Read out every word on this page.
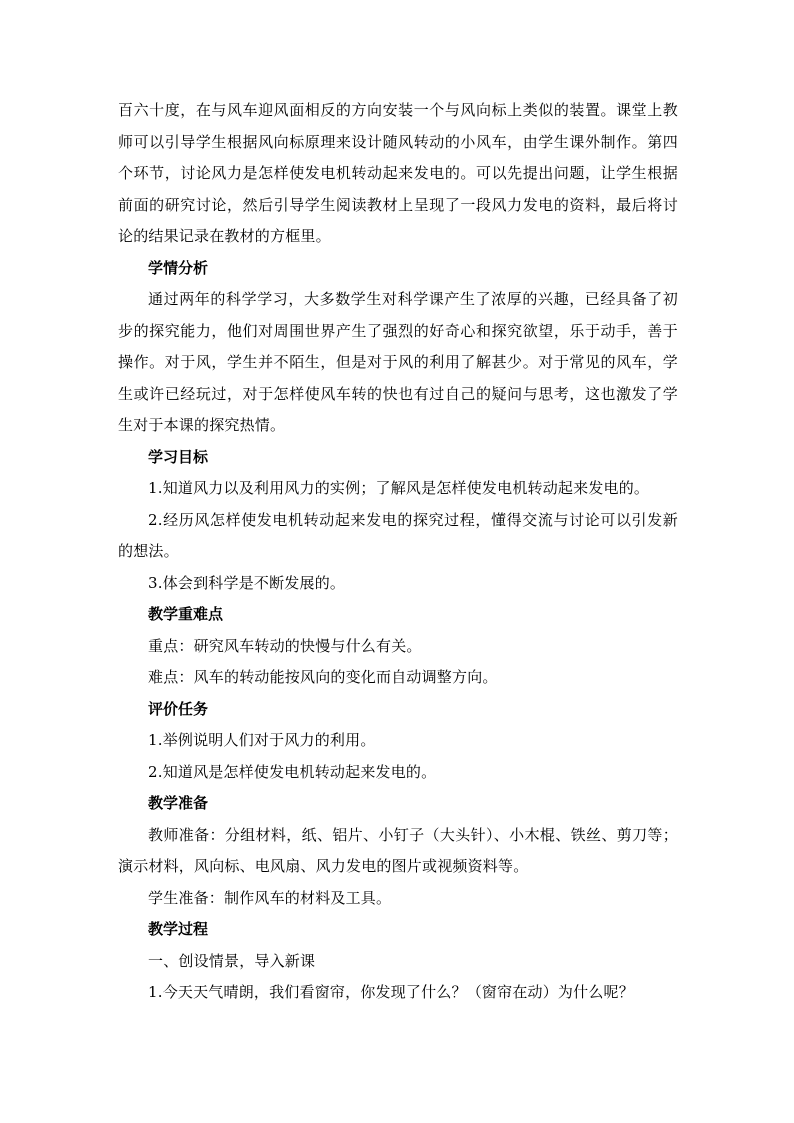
百六十度，在与风车迎风面相反的方向安装一个与风向标上类似的装置。课堂上教师可以引导学生根据风向标原理来设计随风转动的小风车，由学生课外制作。第四个环节，讨论风力是怎样使发电机转动起来发电的。可以先提出问题，让学生根据前面的研究讨论，然后引导学生阅读教材上呈现了一段风力发电的资料，最后将讨论的结果记录在教材的方框里。

学情分析

通过两年的科学学习，大多数学生对科学课产生了浓厚的兴趣，已经具备了初步的探究能力，他们对周围世界产生了强烈的好奇心和探究欲望，乐于动手，善于操作。对于风，学生并不陌生，但是对于风的利用了解甚少。对于常见的风车，学生或许已经玩过，对于怎样使风车转的快也有过自己的疑问与思考，这也激发了学生对于本课的探究热情。

学习目标

1.知道风力以及利用风力的实例；了解风是怎样使发电机转动起来发电的。

2.经历风怎样使发电机转动起来发电的探究过程，懂得交流与讨论可以引发新的想法。

3.体会到科学是不断发展的。

教学重难点

重点：研究风车转动的快慢与什么有关。

难点：风车的转动能按风向的变化而自动调整方向。

评价任务

1.举例说明人们对于风力的利用。

2.知道风是怎样使发电机转动起来发电的。

教学准备

教师准备：分组材料，纸、铝片、小钉子（大头针）、小木棍、铁丝、剪刀等；演示材料，风向标、电风扇、风力发电的图片或视频资料等。

学生准备：制作风车的材料及工具。

教学过程

一、创设情景，导入新课

1.今天天气晴朗，我们看窗帘，你发现了什么？（窗帘在动）为什么呢？
